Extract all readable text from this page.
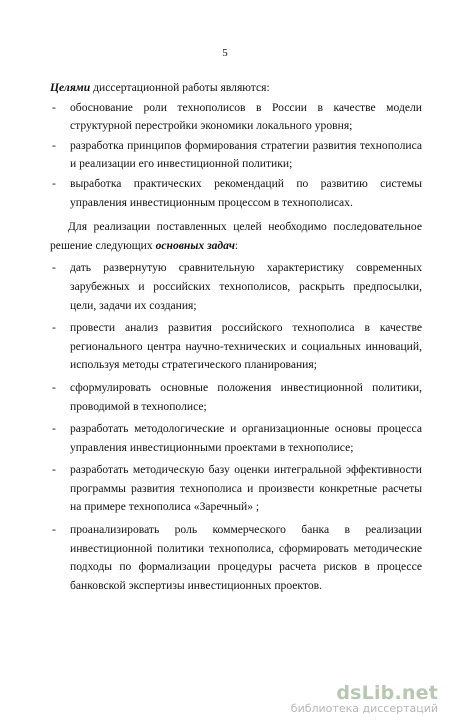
5

Целями диссертационной работы являются:

- обоснование роли технополисов в России в качестве модели структурной перестройки экономики локального уровня;
- разработка принципов формирования стратегии развития технополиса и реализации его инвестиционной политики;
- выработка практических рекомендаций по развитию системы управления инвестиционным процессом в технополисах.

Для реализации поставленных целей необходимо последовательное решение следующих основных задач:

- дать развернутую сравнительную характеристику современных зарубежных и российских технополисов, раскрыть предпосылки, цели, задачи их создания;
- провести анализ развития российского технополиса в качестве регионального центра научно-технических и социальных инноваций, используя методы стратегического планирования;
- сформулировать основные положения инвестиционной политики, проводимой в технополисе;
- разработать методологические и организационные основы процесса управления инвестиционными проектами в технополисе;
- разработать методическую базу оценки интегральной эффективности программы развития технополиса и произвести конкретные расчеты на примере технополиса «Заречный» ;
- проанализировать роль коммерческого банка в реализации инвестиционной политики технополиса, сформировать методические подходы по формализации процедуры расчета рисков в процессе банковской экспертизы инвестиционных проектов.
dsLib.net
библиотека диссертаций
